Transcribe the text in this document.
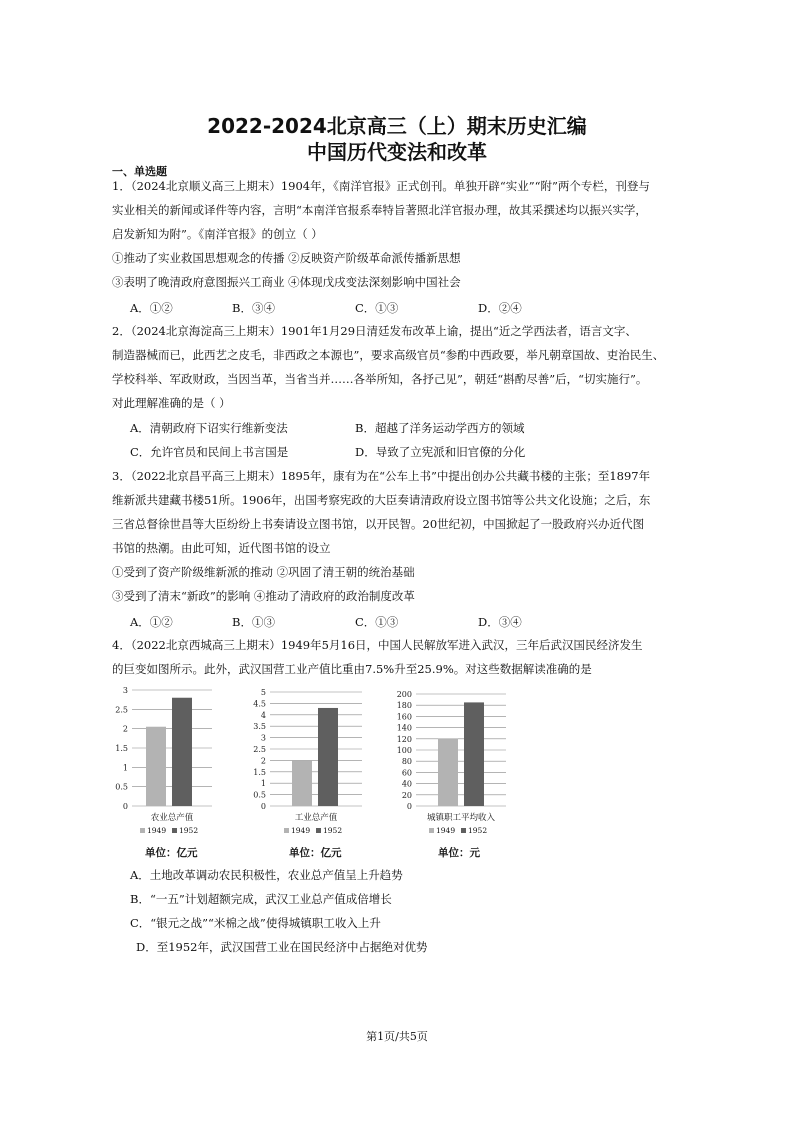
2022-2024北京高三（上）期末历史汇编
中国历代变法和改革
一、单选题
1．（2024北京顺义高三上期末）1904年，《南洋官报》正式创刊。单独开辟“实业”“附”两个专栏，刊登与
实业相关的新闻或译件等内容，言明“本南洋官报系奉特旨著照北洋官报办理，故其采撰述均以振兴实学，
启发新知为附”。《南洋官报》的创立（ ）
①推动了实业救国思想观念的传播 ②反映资产阶级革命派传播新思想
③表明了晚清政府意图振兴工商业 ④体现戊戌变法深刻影响中国社会
A．①②	B．③④	C．①③	D．②④
2．（2024北京海淀高三上期末）1901年1月29日清廷发布改革上谕，提出“近之学西法者，语言文字、
制造器械而已，此西艺之皮毛，非西政之本源也”，要求高级官员“参酌中西政要，举凡朝章国故、吏治民生、
学校科举、军政财政，当因当革，当省当并……各举所知，各抒己见”，朝廷“斟酌尽善”后，“切实施行”。
对此理解准确的是（ ）
A．清朝政府下诏实行维新变法	B．超越了洋务运动学西方的领域
C．允许官员和民间上书言国是	D．导致了立宪派和旧官僚的分化
3．（2022北京昌平高三上期末）1895年，康有为在“公车上书”中提出创办公共藏书楼的主张；至1897年
维新派共建藏书楼51所。1906年，出国考察宪政的大臣奏请清政府设立图书馆等公共文化设施；之后，东
三省总督徐世昌等大臣纷纷上书奏请设立图书馆，以开民智。20世纪初，中国掀起了一股政府兴办近代图
书馆的热潮。由此可知，近代图书馆的设立
①受到了资产阶级维新派的推动 ②巩固了清王朝的统治基础
③受到了清末“新政”的影响 ④推动了清政府的政治制度改革
A．①②	B．①③	C．①③	D．③④
4．（2022北京西城高三上期末）1949年5月16日，中国人民解放军进入武汉，三年后武汉国民经济发生
的巨变如图所示。此外，武汉国营工业产值比重由7.5%升至25.9%。对这些数据解读准确的是
0
0.5
1
1.5
2
2.5
3
农业总产值
1949 1952
0
0.5
1
1.5
2
2.5
3
3.5
4
4.5
5
工业总产值
1949 1952
0
20
40
60
80
100
120
140
160
180
200
城镇职工平均收入
1949 1952
单位：亿元	单位：亿元	单位：元
A．土地改革调动农民积极性，农业总产值呈上升趋势
B．“一五”计划超额完成，武汉工业总产值成倍增长
C．“银元之战”“米棉之战”使得城镇职工收入上升
D．至1952年，武汉国营工业在国民经济中占据绝对优势
第1页/共5页
